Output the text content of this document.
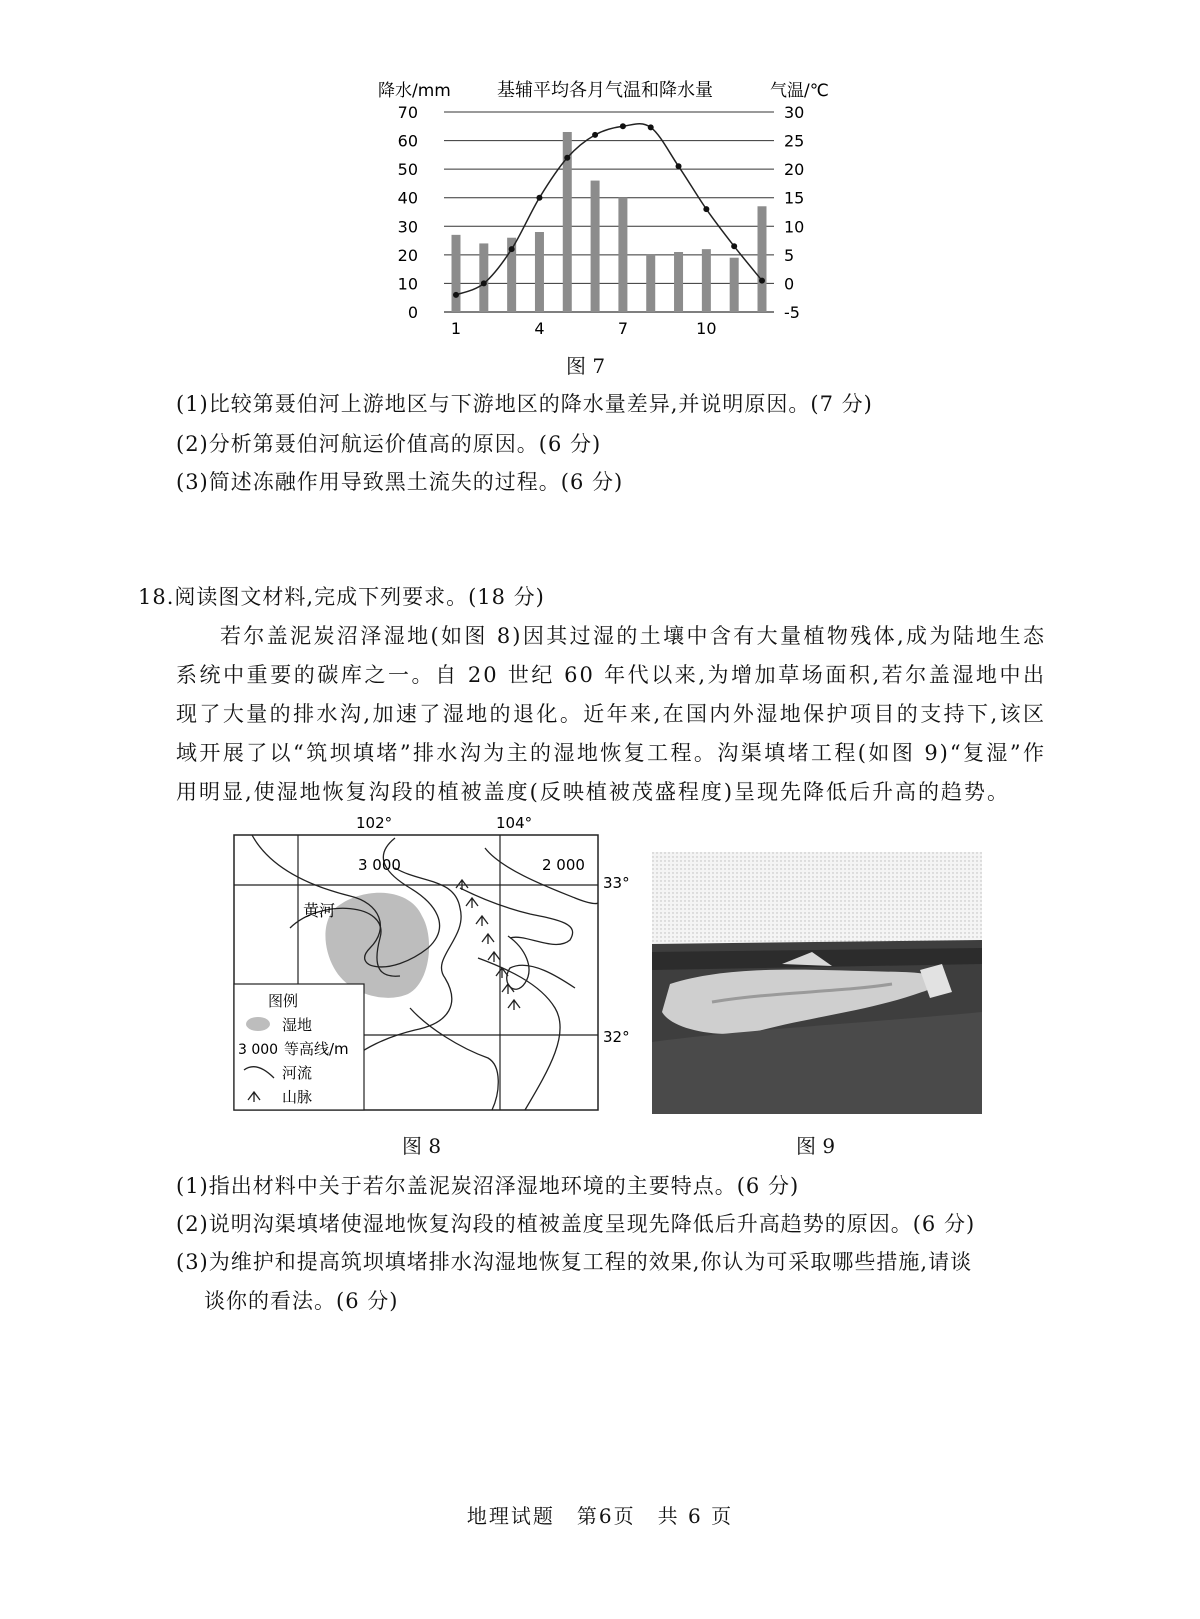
降水/mm	基辅平均各月气温和降水量	气温/℃
0
10
20
30
40
50
60
70
-5
0
5
10
15
20
25
30
1	4	7	10
图 7
(1)比较第聂伯河上游地区与下游地区的降水量差异,并说明原因。(7 分)
(2)分析第聂伯河航运价值高的原因。(6 分)
(3)简述冻融作用导致黑土流失的过程。(6 分)
18.阅读图文材料,完成下列要求。(18 分)
若尔盖泥炭沼泽湿地(如图 8)因其过湿的土壤中含有大量植物残体,成为陆地生态系统中重要的碳库之一。自 20 世纪 60 年代以来,为增加草场面积,若尔盖湿地中出现了大量的排水沟,加速了湿地的退化。近年来,在国内外湿地保护项目的支持下,该区域开展了以“筑坝填堵”排水沟为主的湿地恢复工程。沟渠填堵工程(如图 9)“复湿”作用明显,使湿地恢复沟段的植被盖度(反映植被茂盛程度)呈现先降低后升高的趋势。
102°	104°
33°
32°
3 000	2 000
黄河
图例
湿地
3 000 等高线/m
河流
山脉
图 8	图 9
(1)指出材料中关于若尔盖泥炭沼泽湿地环境的主要特点。(6 分)
(2)说明沟渠填堵使湿地恢复沟段的植被盖度呈现先降低后升高趋势的原因。(6 分)
(3)为维护和提高筑坝填堵排水沟湿地恢复工程的效果,你认为可采取哪些措施,请谈
谈你的看法。(6 分)
地理试题　第6页　共 6 页
